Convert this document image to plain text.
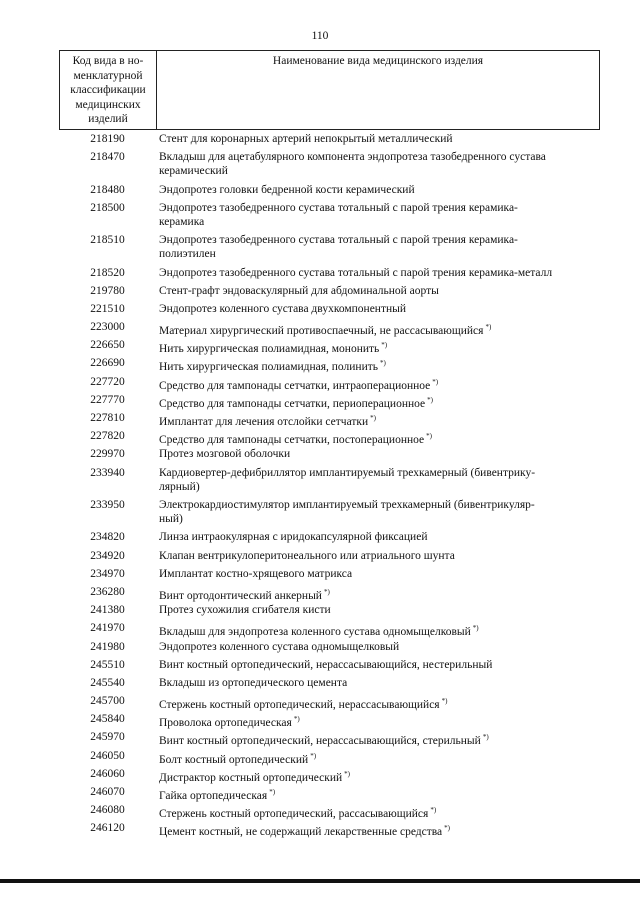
110
Код вида в но-
менклатурной
классификации
медицинских
изделий
Наименование вида медицинского изделия
218190	Стент для коронарных артерий непокрытый металлический
218470	Вкладыш для ацетабулярного компонента эндопротеза тазобедренного сустава
керамический
218480	Эндопротез головки бедренной кости керамический
218500	Эндопротез тазобедренного сустава тотальный с парой трения керамика-
керамика
218510	Эндопротез тазобедренного сустава тотальный с парой трения керамика-
полиэтилен
218520	Эндопротез тазобедренного сустава тотальный с парой трения керамика-металл
219780	Стент-графт эндоваскулярный для абдоминальной аорты
221510	Эндопротез коленного сустава двухкомпонентный
223000	Материал хирургический противоспаечный, не рассасывающийся *)
226650	Нить хирургическая полиамидная, мононить *)
226690	Нить хирургическая полиамидная, полинить *)
227720	Средство для тампонады сетчатки, интраоперационное *)
227770	Средство для тампонады сетчатки, периоперационное *)
227810	Имплантат для лечения отслойки сетчатки *)
227820	Средство для тампонады сетчатки, постоперационное *)
229970	Протез мозговой оболочки
233940	Кардиовертер-дефибриллятор имплантируемый трехкамерный (бивентрику-
лярный)
233950	Электрокардиостимулятор имплантируемый трехкамерный (бивентрикуляр-
ный)
234820	Линза интраокулярная с иридокапсулярной фиксацией
234920	Клапан вентрикулоперитонеального или атриального шунта
234970	Имплантат костно-хрящевого матрикса
236280	Винт ортодонтический анкерный *)
241380	Протез сухожилия сгибателя кисти
241970	Вкладыш для эндопротеза коленного сустава одномыщелковый *)
241980	Эндопротез коленного сустава одномыщелковый
245510	Винт костный ортопедический, нерассасывающийся, нестерильный
245540	Вкладыш из ортопедического цемента
245700	Стержень костный ортопедический, нерассасывающийся *)
245840	Проволока ортопедическая *)
245970	Винт костный ортопедический, нерассасывающийся, стерильный *)
246050	Болт костный ортопедический *)
246060	Дистрактор костный ортопедический *)
246070	Гайка ортопедическая *)
246080	Стержень костный ортопедический, рассасывающийся *)
246120	Цемент костный, не содержащий лекарственные средства *)
